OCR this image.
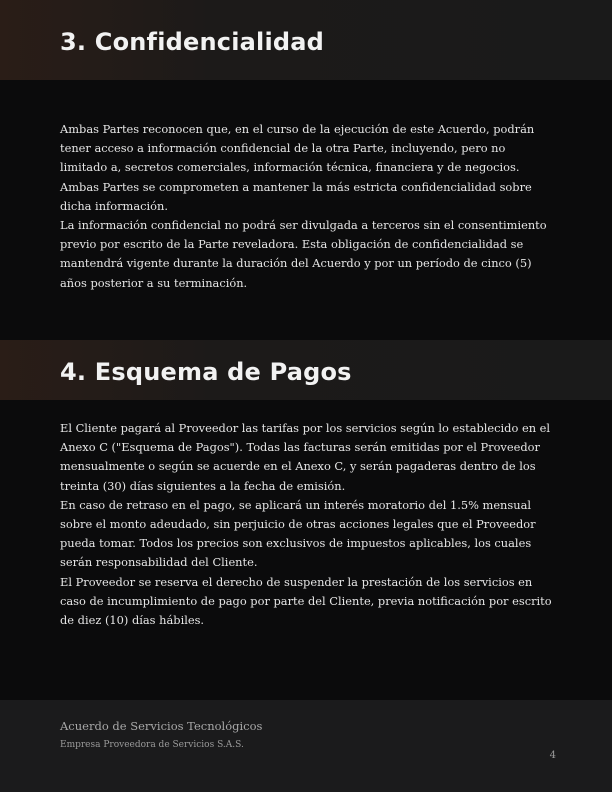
3. Confidencialidad

Ambas Partes reconocen que, en el curso de la ejecución de este Acuerdo, podrán tener acceso a información confidencial de la otra Parte, incluyendo, pero no limitado a, secretos comerciales, información técnica, financiera y de negocios. Ambas Partes se comprometen a mantener la más estricta confidencialidad sobre dicha información.

La información confidencial no podrá ser divulgada a terceros sin el consentimiento previo por escrito de la Parte reveladora. Esta obligación de confidencialidad se mantendrá vigente durante la duración del Acuerdo y por un período de cinco (5) años posterior a su terminación.

4. Esquema de Pagos

El Cliente pagará al Proveedor las tarifas por los servicios según lo establecido en el Anexo C ("Esquema de Pagos"). Todas las facturas serán emitidas por el Proveedor mensualmente o según se acuerde en el Anexo C, y serán pagaderas dentro de los treinta (30) días siguientes a la fecha de emisión.

En caso de retraso en el pago, se aplicará un interés moratorio del 1.5% mensual sobre el monto adeudado, sin perjuicio de otras acciones legales que el Proveedor pueda tomar. Todos los precios son exclusivos de impuestos aplicables, los cuales serán responsabilidad del Cliente.

El Proveedor se reserva el derecho de suspender la prestación de los servicios en caso de incumplimiento de pago por parte del Cliente, previa notificación por escrito de diez (10) días hábiles.

Acuerdo de Servicios Tecnológicos
Empresa Proveedora de Servicios S.A.S.
4
